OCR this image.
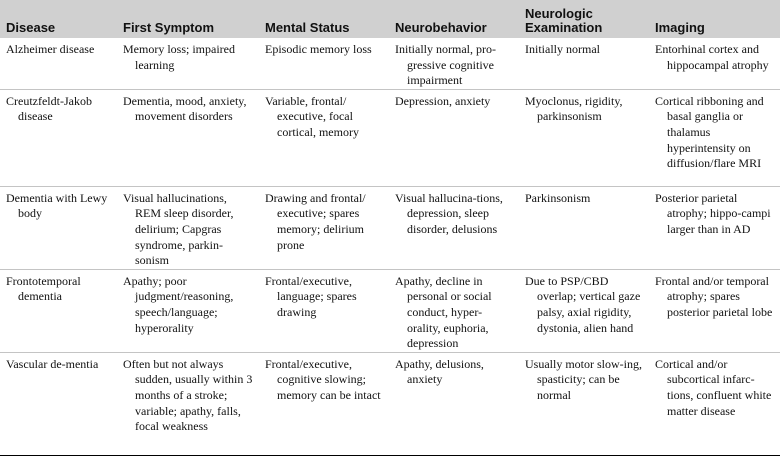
Disease	First Symptom	Mental Status	Neurobehavior	Neurologic Examination	Imaging

Alzheimer disease	Memory loss; impaired learning	Episodic memory loss	Initially normal, pro-gressive cognitive impairment	Initially normal	Entorhinal cortex and hippocampal atrophy

Creutzfeldt-Jakob disease	Dementia, mood, anxiety, movement disorders	Variable, frontal/ executive, focal cortical, memory	Depression, anxiety	Myoclonus, rigidity, parkinsonism	Cortical ribboning and basal ganglia or thalamus hyperintensity on diffusion/flare MRI

Dementia with Lewy body	Visual hallucinations, REM sleep disorder, delirium; Capgras syndrome, parkin-sonism	Drawing and frontal/ executive; spares memory; delirium prone	Visual hallucina-tions, depression, sleep disorder, delusions	Parkinsonism	Posterior parietal atrophy; hippo-campi larger than in AD

Frontotemporal dementia	Apathy; poor judgment/reasoning, speech/language; hyperorality	Frontal/executive, language; spares drawing	Apathy, decline in personal or social conduct, hyper-orality, euphoria, depression	Due to PSP/CBD overlap; vertical gaze palsy, axial rigidity, dystonia, alien hand	Frontal and/or temporal atrophy; spares posterior parietal lobe

Vascular de-mentia	Often but not always sudden, usually within 3 months of a stroke; variable; apathy, falls, focal weakness	Frontal/executive, cognitive slowing; memory can be intact	Apathy, delusions, anxiety	Usually motor slow-ing, spasticity; can be normal	Cortical and/or subcortical infarc-tions, confluent white matter disease
